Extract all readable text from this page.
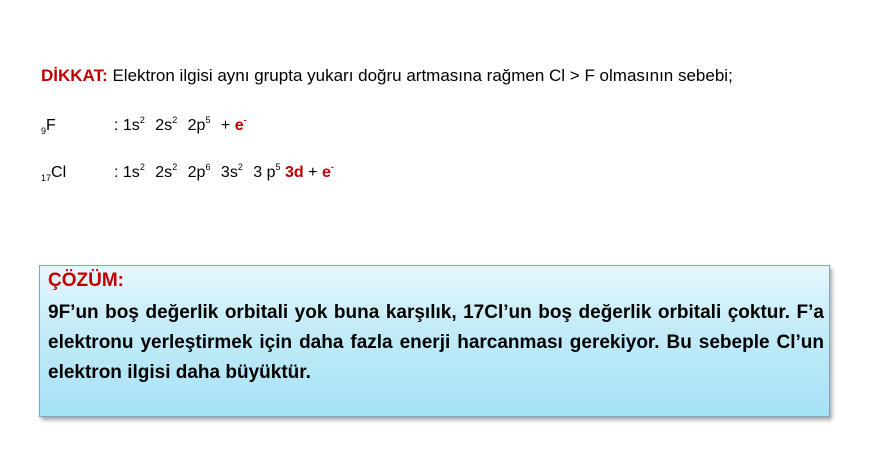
DİKKAT: Elektron ilgisi aynı grupta yukarı doğru artmasına rağmen Cl > F olmasının sebebi;
$_9$F	: $1s^2$ $2s^2$ $2p^5 + e^-$
$_{17}$Cl	: $1s^2$ $2s^2$ $2p^6$ $3s^2$ 3 $p^5$ 3d + e-
ÇÖZÜM:
9F’un boş değerlik orbitali yok buna karşılık, 17Cl’un boş değerlik orbitali çoktur. F’a elektronu yerleştirmek için daha fazla enerji harcanması gerekiyor. Bu sebeple Cl’un elektron ilgisi daha büyüktür.
